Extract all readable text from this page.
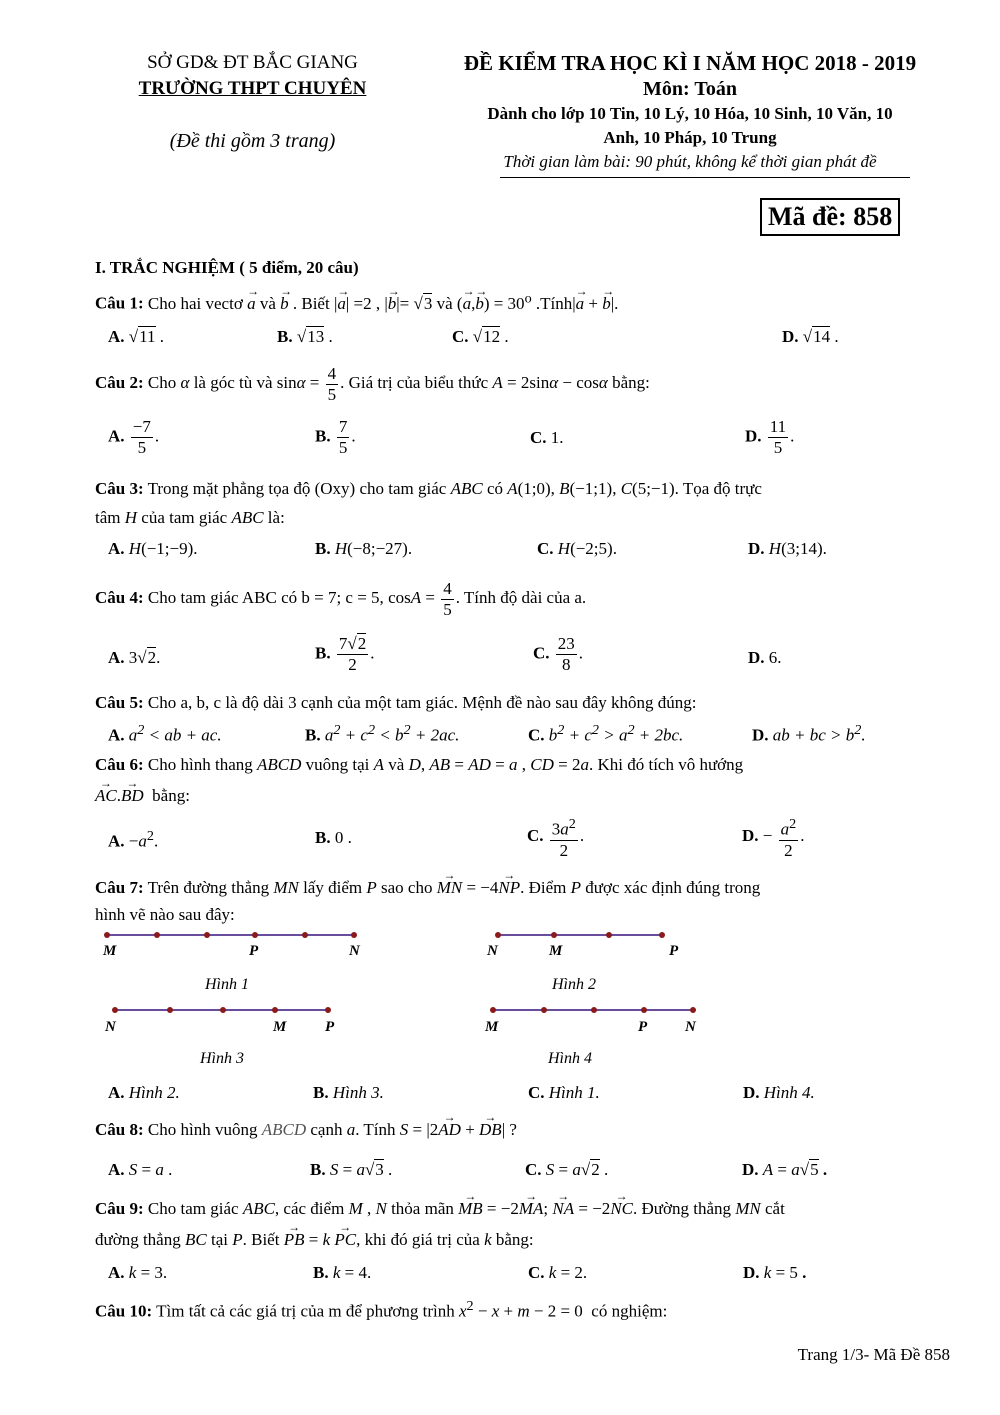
SỞ GD& ĐT BẮC GIANG
TRƯỜNG THPT CHUYÊN
(Đề thi gồm 3 trang)
ĐỀ KIỂM TRA HỌC KÌ I NĂM HỌC 2018 - 2019
Môn: Toán
Dành cho lớp 10 Tin, 10 Lý, 10 Hóa, 10 Sinh, 10 Văn, 10
Anh, 10 Pháp, 10 Trung
Thời gian làm bài: 90 phút, không kể thời gian phát đề
Mã đề: 858
I. TRẮC NGHIỆM ( 5 điểm, 20 câu)
Câu 1: Cho hai vectơ → a và → b . Biết |→ a| =2 , |→ b|= √3 và (→ $a,\to b) = 30^o$ .Tính|→ a + → b|.
A. √11 .	B. √13 .	C. √12 .	D. √14 .
Câu 2: Cho α là góc tù và $\sin\alpha = \frac{4}{5}$ . Giá trị của biểu thức A = 2sinα − cosα bằng:
A. $\frac{-7}{5}$ .	B. $\frac{7}{5}$ .	C. 1.	D. $\frac{11}{5}$ .
Câu 3: Trong mặt phẳng tọa độ (Oxy) cho tam giác ABC có A(1;0), B(−1;1), C(5;−1). Tọa độ trực
tâm H của tam giác ABC là:
A. H(−1;−9).	B. H(−8;−27).	C. H(−2;5).	D. H(3;14).
Câu 4: Cho tam giác ABC có b = 7; c = 5, $\cos A = \frac{4}{5}$ . Tính độ dài của a.
A. 3√2.	B. $\frac{7√2}{2}$ .	C. $\frac{23}{8}$ .	D. 6.
Câu 5: Cho a, b, c là độ dài 3 cạnh của một tam giác. Mệnh đề nào sau đây không đúng:
A. $a^2$ < ab + ac.	B. $a^2 + c^2 < b^2 + 2ac$.	C. $b^2 + c^2 > a^2 + 2bc$.	D. ab + bc > $b^2$.
Câu 6: Cho hình thang ABCD vuông tại A và D, AB = AD = a , CD = 2a. Khi đó tích vô hướng
→ AC.→ BD bằng:
A. $-a^2$.	B. 0 .	C. $\frac{3a^2}{2}$ .	D. − $\frac{a^2}{2}$ .
Câu 7: Trên đường thẳng MN lấy điểm P sao cho → MN = −4→ NP. Điểm P được xác định đúng trong
hình vẽ nào sau đây:
M	P	N	N	M	P
N	M	P	M	P	N
Hình 1	Hình 2
Hình 3	Hình 4
A. Hình 2.	B. Hình 3.	C. Hình 1.	D. Hình 4.
Câu 8: Cho hình vuông ABCD cạnh a. Tính S = |2→ AD + → DB| ?
A. S = a .	B. S = a√3 .	C. S = a√2 .	D. A = a√5 .
Câu 9: Cho tam giác ABC, các điểm M , N thỏa mãn → MB = −2→ MA; → NA = −2→ NC. Đường thẳng MN cắt
đường thẳng BC tại P. Biết → PB = k → PC, khi đó giá trị của k bằng:
A. k = 3.	B. k = 4.	C. k = 2.	D. k = 5 .
Câu 10: Tìm tất cả các giá trị của m để phương trình $x^2 - x + m - 2 = 0$  có nghiệm:
Trang 1/3- Mã Đề 858
